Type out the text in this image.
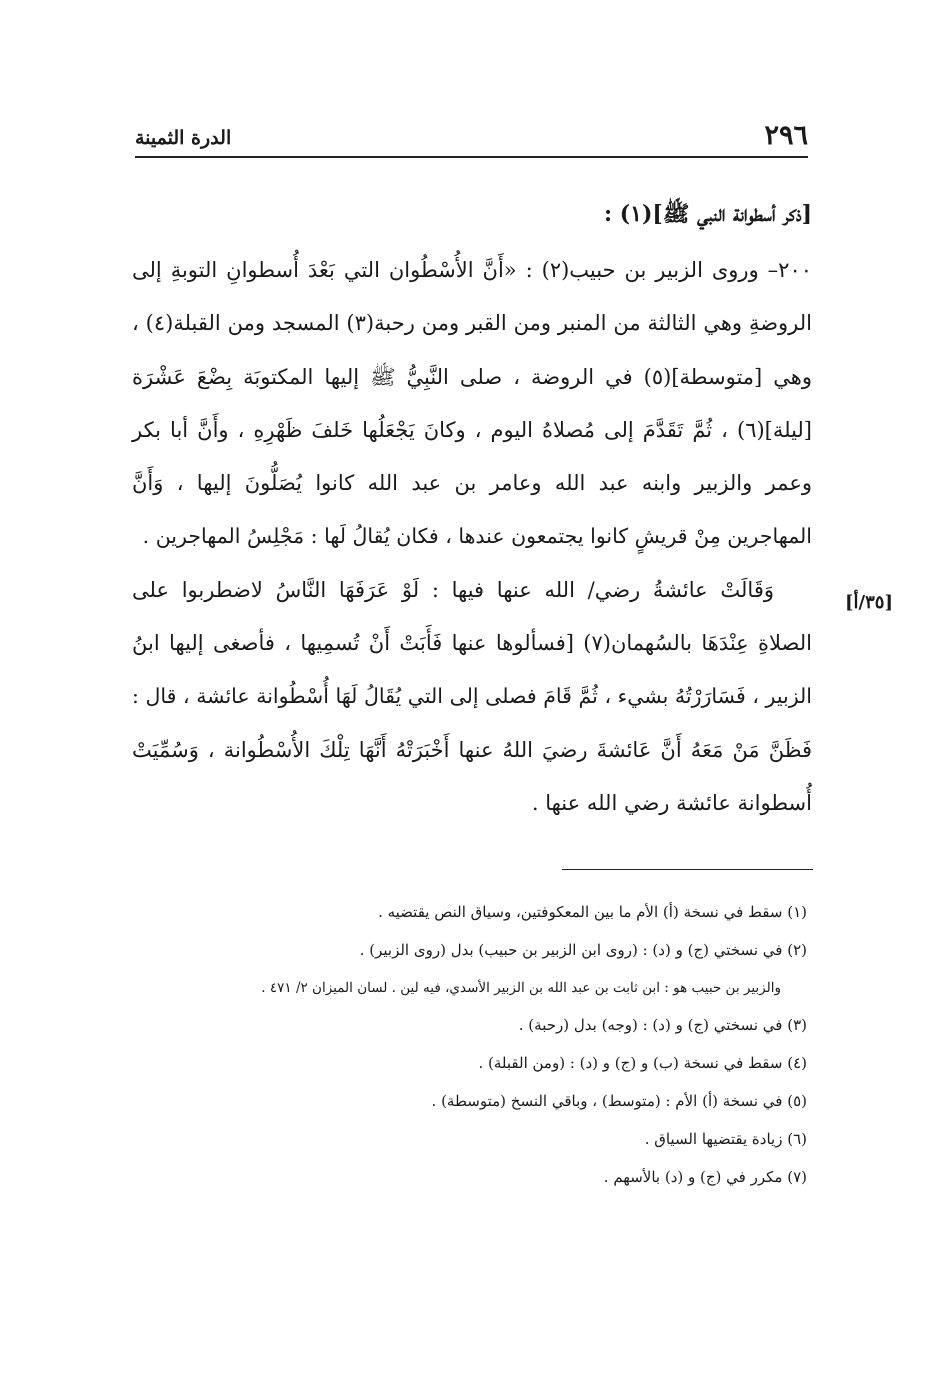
٢٩٦
الدرة الثمينة
[ذكر أسطوانة النبي ﷺ](١) :
٢٠٠– وروى الزبير بن حبيب(٢) : «أَنَّ الأُسْطُوان التي بَعْدَ أُسطوانِ التوبةِ إلى
الروضةِ وهي الثالثة من المنبر ومن القبر ومن رحبة(٣) المسجد ومن القبلة(٤) ،
وهي [متوسطة](٥) في الروضة ، صلى النَّبِيُّ ﷺ إليها المكتوبَة بِضْعَ عَشْرَة
[ليلة](٦) ، ثُمَّ تَقَدَّمَ إلى مُصلاهُ اليوم ، وكانَ يَجْعَلُها خَلفَ ظَهْرِهِ ، وأَنَّ أبا بكر
وعمر والزبير وابنه عبد الله وعامر بن عبد الله كانوا يُصَلُّونَ إليها ، وَأَنَّ
المهاجرين مِنْ قريشٍ كانوا يجتمعون عندها ، فكان يُقالُ لَها : مَجْلِسُ المهاجرين .
وَقَالَتْ عائشةُ رضي/ الله عنها فيها : لَوْ عَرَفَهَا النَّاسُ لاضطربوا على
الصلاةِ عِنْدَهَا بالسُهمان(٧) [فسألوها عنها فَأَبَتْ أَنْ تُسمِيها ، فأصغى إليها ابنُ
الزبير ، فَسَارَرْتُهُ بشيء ، ثُمَّ قَامَ فصلى إلى التي يُقَالُ لَهَا أُسْطُوانة عائشة ، قال :
فَظَنَّ مَنْ مَعَهُ أَنَّ عَائشةَ رضيَ اللهُ عنها أَخْبَرَتْهُ أَنَّهَا تِلْكَ الأُسْطُوانة ، وَسُمِّيَتْ
أُسطوانة عائشة رضي الله عنها .
[٣٥/أ]
(١) سقط في نسخة (أ) الأم ما بين المعكوفتين، وسياق النص يقتضيه .
(٢) في نسختي (ج) و (د) : (روى ابن الزبير بن حبيب) بدل (روى الزبير) .
والزبير بن حبيب هو : ابن ثابت بن عبد الله بن الزبير الأسدي، فيه لين . لسان الميزان ٢/ ٤٧١ .
(٣) في نسختي (ج) و (د) : (وجه) بدل (رحبة) .
(٤) سقط في نسخة (ب) و (ج) و (د) : (ومن القبلة) .
(٥) في نسخة (أ) الأم : (متوسط) ، وباقي النسخ (متوسطة) .
(٦) زيادة يقتضيها السياق .
(٧) مكرر في (ج) و (د) بالأسهم .
